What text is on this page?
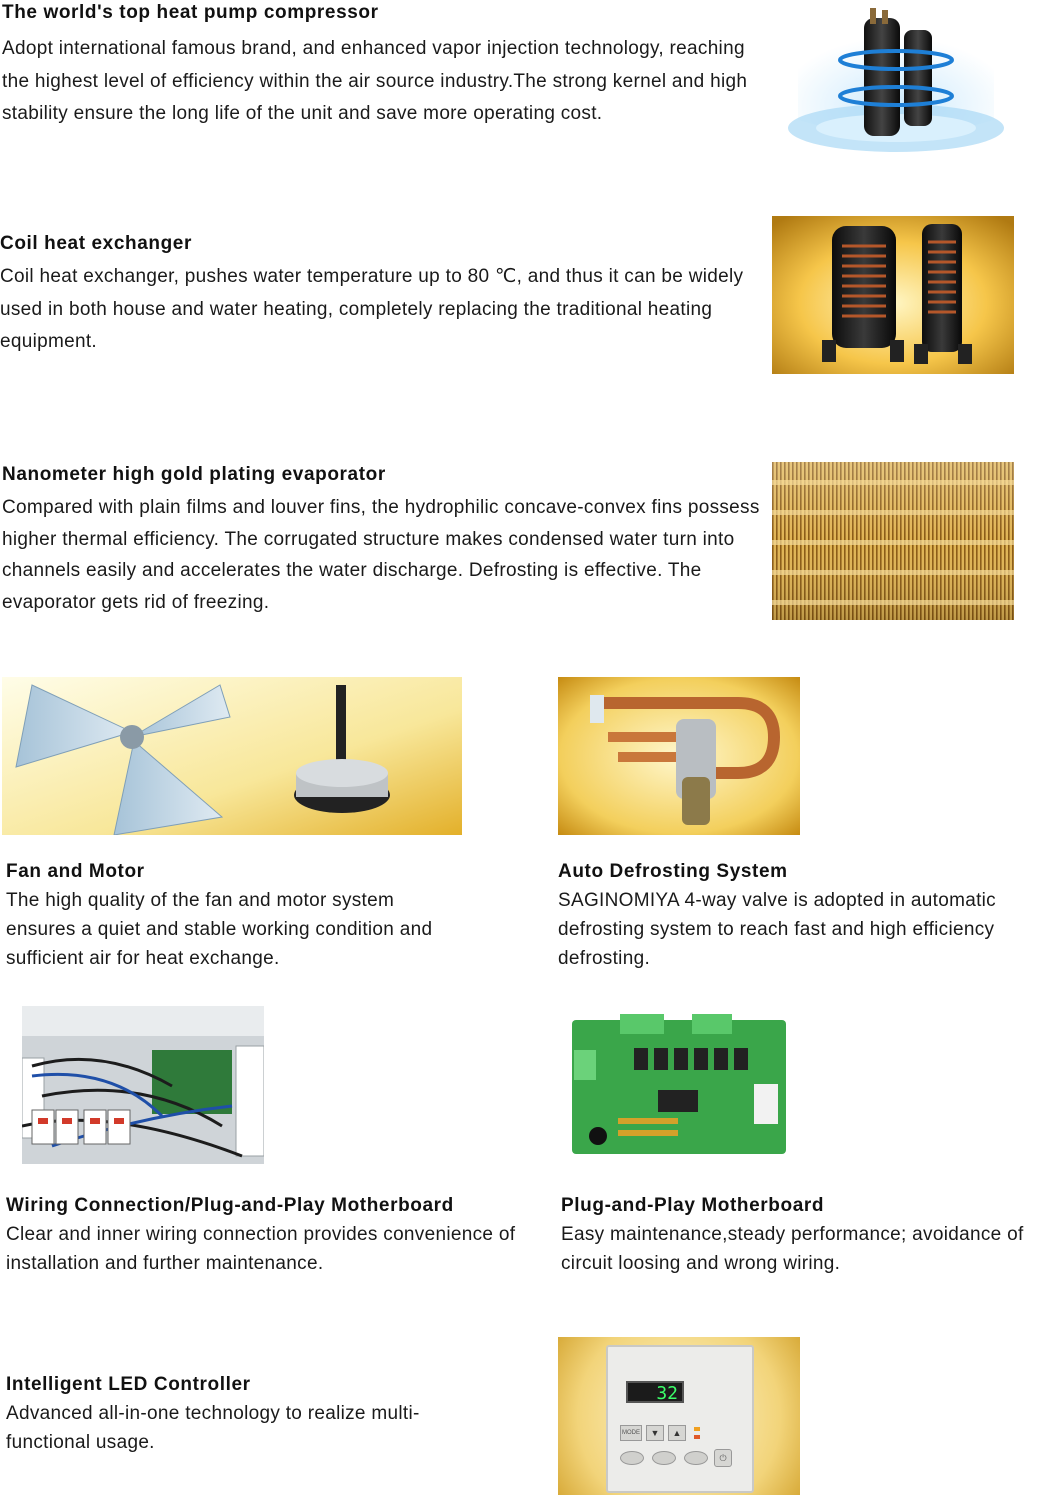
The world's top heat pump compressor
Adopt international famous brand, and enhanced vapor injection technology, reaching the highest level of efficiency within the air source industry.The strong kernel and high stability ensure the long life of the unit and save more operating cost.
Coil heat exchanger
Coil heat exchanger, pushes water temperature up to 80 ℃, and thus it can be widely used in both house and water heating, completely replacing the traditional heating equipment.
Nanometer high gold plating evaporator
Compared with plain films and louver fins, the hydrophilic concave-convex fins possess higher thermal efficiency. The corrugated structure makes condensed water turn into channels easily and accelerates the water discharge. Defrosting is effective. The evaporator gets rid of freezing.
Fan and Motor
The high quality of the fan and motor system ensures a quiet and stable working condition and sufficient air for heat exchange.
Auto Defrosting System
SAGINOMIYA 4-way valve is adopted in automatic defrosting system to reach fast and high efficiency defrosting.
Wiring Connection/Plug-and-Play Motherboard
Clear and inner wiring connection provides convenience of installation and further maintenance.
Plug-and-Play Motherboard
Easy maintenance,steady performance; avoidance of circuit loosing and wrong wiring.
Intelligent LED Controller
Advanced all-in-one technology to realize multi-functional usage.
32
MODE	▼	▲
⏻
